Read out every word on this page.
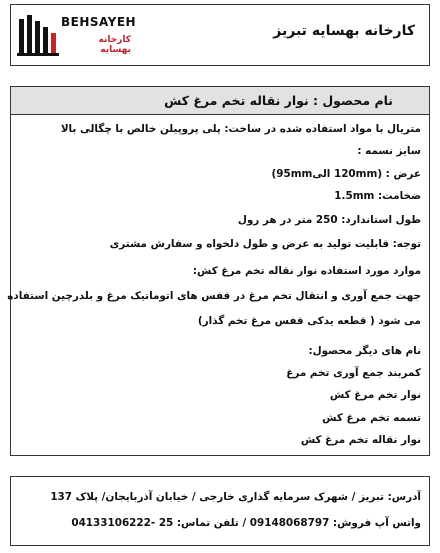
BEHSAYEH
کارخانه بهسایه
کارخانه بهسایه تبریز
نام محصول : نوار نقاله تخم مرغ کش
متریال با مواد استفاده شده در ساخت: پلی پروپیلن خالص با چگالی بالا
سایز نسمه :
عرض : (120mm الی95mm)
ضخامت: 1.5mm
طول استاندارد: 250 متر در هر رول
توجه: قابلیت تولید به عرض و طول دلخواه و سفارش مشتری
موارد مورد استفاده نوار نقاله تخم مرغ کش:
جهت جمع آوری و انتقال تخم مرغ در قفس های اتوماتیک مرغ و بلدرچین استفاده
می شود ( قطعه یدکی قفس مرغ تخم گذار)
نام های دیگر محصول:
کمربند جمع آوری تخم مرغ
نوار تخم مرغ کش
تسمه تخم مرغ کش
نوار نقاله تخم مرغ کش
آدرس: تبریز / شهرک سرمایه گذاری خارجی / خیابان آذربایجان/ پلاک 137
واتس آپ فروش: 09148068797 / تلفن تماس: 25 -04133106222
